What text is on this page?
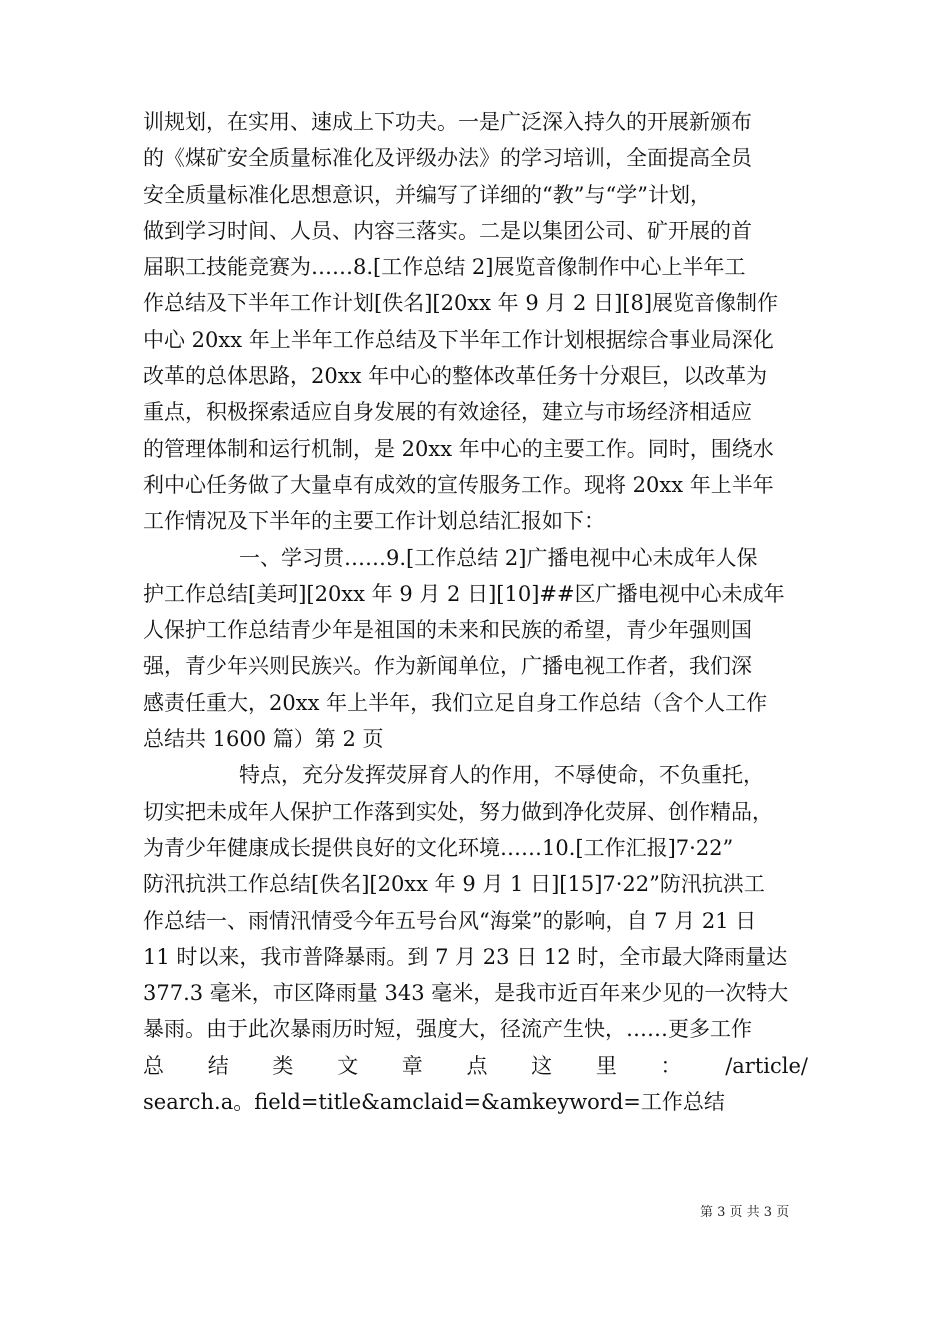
训规划，在实用、速成上下功夫。一是广泛深入持久的开展新颁布
的《煤矿安全质量标准化及评级办法》的学习培训，全面提高全员
安全质量标准化思想意识，并编写了详细的“教”与“学”计划，
做到学习时间、人员、内容三落实。二是以集团公司、矿开展的首
届职工技能竞赛为……8.[工作总结 2]展览音像制作中心上半年工
作总结及下半年工作计划[佚名][20xx 年 9 月 2 日][8]展览音像制作
中心 20xx 年上半年工作总结及下半年工作计划根据综合事业局深化
改革的总体思路，20xx 年中心的整体改革任务十分艰巨，以改革为
重点，积极探索适应自身发展的有效途径，建立与市场经济相适应
的管理体制和运行机制，是 20xx 年中心的主要工作。同时，围绕水
利中心任务做了大量卓有成效的宣传服务工作。现将 20xx 年上半年
工作情况及下半年的主要工作计划总结汇报如下：
一、学习贯……9.[工作总结 2]广播电视中心未成年人保
护工作总结[美珂][20xx 年 9 月 2 日][10]##区广播电视中心未成年
人保护工作总结青少年是祖国的未来和民族的希望，青少年强则国
强，青少年兴则民族兴。作为新闻单位，广播电视工作者，我们深
感责任重大，20xx 年上半年，我们立足自身工作总结（含个人工作
总结共 1600 篇）第 2 页
特点，充分发挥荧屏育人的作用，不辱使命，不负重托，
切实把未成年人保护工作落到实处，努力做到净化荧屏、创作精品，
为青少年健康成长提供良好的文化环境……10.[工作汇报]7·22”
防汛抗洪工作总结[佚名][20xx 年 9 月 1 日][15]7·22”防汛抗洪工
作总结一、雨情汛情受今年五号台风“海棠”的影响，自 7 月 21 日
11 时以来，我市普降暴雨。到 7 月 23 日 12 时，全市最大降雨量达
377.3 毫米，市区降雨量 343 毫米，是我市近百年来少见的一次特大
暴雨。由于此次暴雨历时短，强度大，径流产生快，……更多工作
总 结 类 文 章 点 这 里 ： /article/
search.a。field=title&amclaid=&amkeyword=工作总结
第 3 页 共 3 页
